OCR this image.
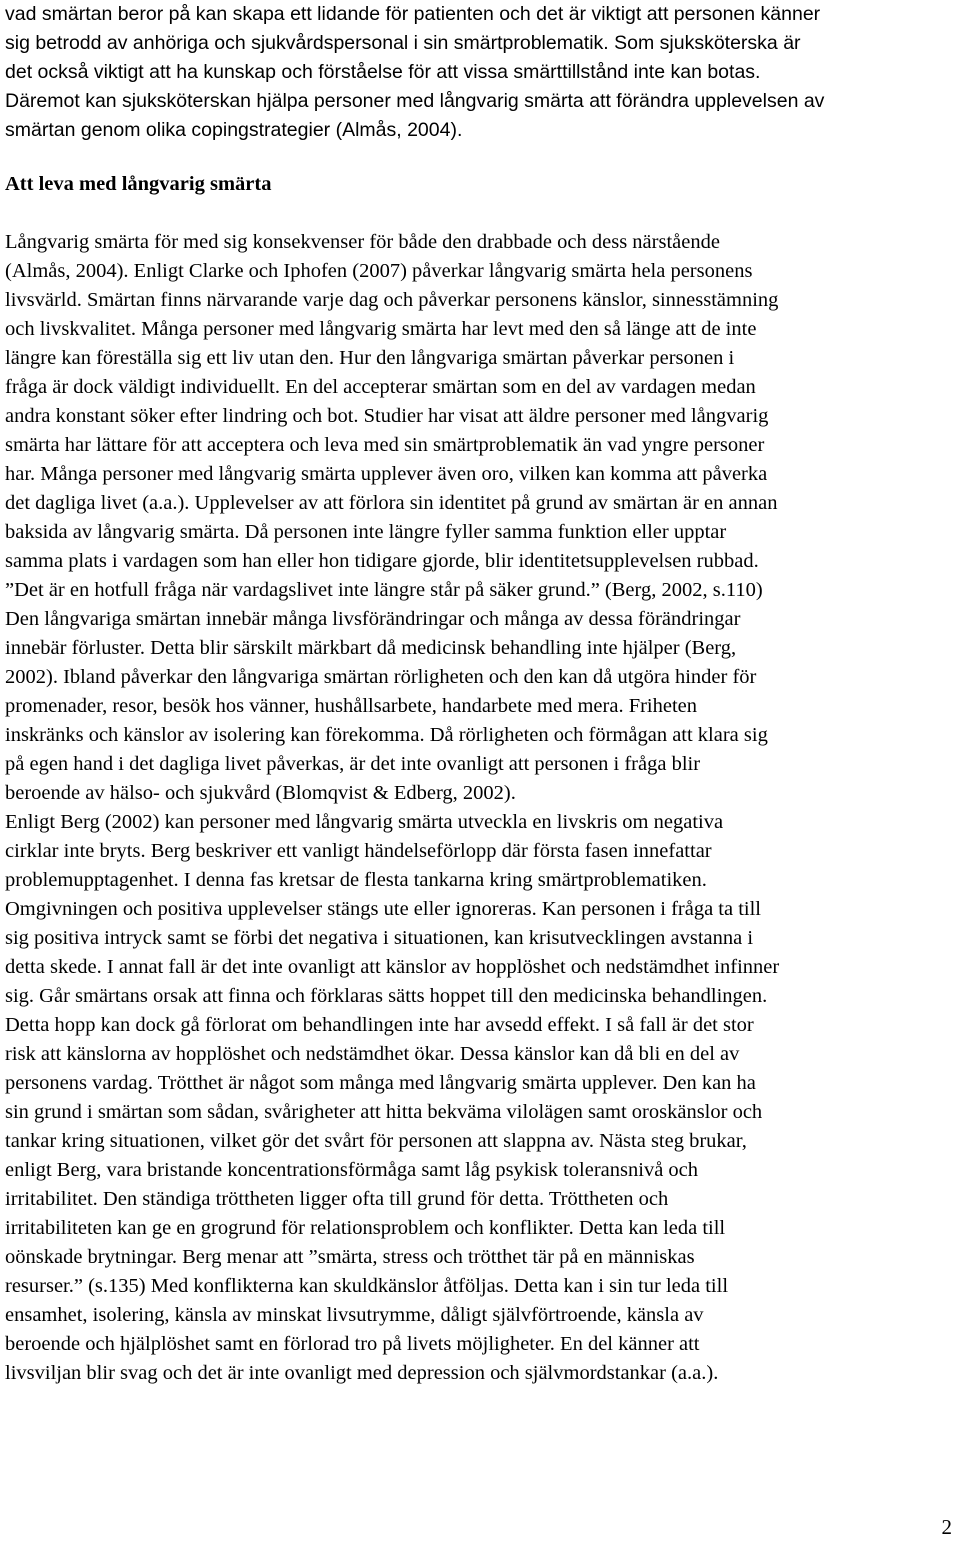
vad smärtan beror på kan skapa ett lidande för patienten och det är viktigt att personen känner
sig betrodd av anhöriga och sjukvårdspersonal i sin smärtproblematik. Som sjuksköterska är
det också viktigt att ha kunskap och förståelse för att vissa smärttillstånd inte kan botas.
Däremot kan sjuksköterskan hjälpa personer med långvarig smärta att förändra upplevelsen av
smärtan genom olika copingstrategier (Almås, 2004).
Att leva med långvarig smärta
Långvarig smärta för med sig konsekvenser för både den drabbade och dess närstående
(Almås, 2004). Enligt Clarke och Iphofen (2007) påverkar långvarig smärta hela personens
livsvärld. Smärtan finns närvarande varje dag och påverkar personens känslor, sinnesstämning
och livskvalitet. Många personer med långvarig smärta har levt med den så länge att de inte
längre kan föreställa sig ett liv utan den. Hur den långvariga smärtan påverkar personen i
fråga är dock väldigt individuellt. En del accepterar smärtan som en del av vardagen medan
andra konstant söker efter lindring och bot. Studier har visat att äldre personer med långvarig
smärta har lättare för att acceptera och leva med sin smärtproblematik än vad yngre personer
har. Många personer med långvarig smärta upplever även oro, vilken kan komma att påverka
det dagliga livet (a.a.). Upplevelser av att förlora sin identitet på grund av smärtan är en annan
baksida av långvarig smärta. Då personen inte längre fyller samma funktion eller upptar
samma plats i vardagen som han eller hon tidigare gjorde, blir identitetsupplevelsen rubbad.
”Det är en hotfull fråga när vardagslivet inte längre står på säker grund.” (Berg, 2002, s.110)
Den långvariga smärtan innebär många livsförändringar och många av dessa förändringar
innebär förluster. Detta blir särskilt märkbart då medicinsk behandling inte hjälper (Berg,
2002). Ibland påverkar den långvariga smärtan rörligheten och den kan då utgöra hinder för
promenader, resor, besök hos vänner, hushållsarbete, handarbete med mera. Friheten
inskränks och känslor av isolering kan förekomma. Då rörligheten och förmågan att klara sig
på egen hand i det dagliga livet påverkas, är det inte ovanligt att personen i fråga blir
beroende av hälso- och sjukvård (Blomqvist & Edberg, 2002).
Enligt Berg (2002) kan personer med långvarig smärta utveckla en livskris om negativa
cirklar inte bryts. Berg beskriver ett vanligt händelseförlopp där första fasen innefattar
problemupptagenhet. I denna fas kretsar de flesta tankarna kring smärtproblematiken.
Omgivningen och positiva upplevelser stängs ute eller ignoreras. Kan personen i fråga ta till
sig positiva intryck samt se förbi det negativa i situationen, kan krisutvecklingen avstanna i
detta skede. I annat fall är det inte ovanligt att känslor av hopplöshet och nedstämdhet infinner
sig. Går smärtans orsak att finna och förklaras sätts hoppet till den medicinska behandlingen.
Detta hopp kan dock gå förlorat om behandlingen inte har avsedd effekt. I så fall är det stor
risk att känslorna av hopplöshet och nedstämdhet ökar. Dessa känslor kan då bli en del av
personens vardag. Trötthet är något som många med långvarig smärta upplever. Den kan ha
sin grund i smärtan som sådan, svårigheter att hitta bekväma vilolägen samt oroskänslor och
tankar kring situationen, vilket gör det svårt för personen att slappna av. Nästa steg brukar,
enligt Berg, vara bristande koncentrationsförmåga samt låg psykisk toleransnivå och
irritabilitet. Den ständiga tröttheten ligger ofta till grund för detta. Tröttheten och
irritabiliteten kan ge en grogrund för relationsproblem och konflikter. Detta kan leda till
oönskade brytningar. Berg menar att ”smärta, stress och trötthet tär på en människas
resurser.” (s.135) Med konflikterna kan skuldkänslor åtföljas. Detta kan i sin tur leda till
ensamhet, isolering, känsla av minskat livsutrymme, dåligt självförtroende, känsla av
beroende och hjälplöshet samt en förlorad tro på livets möjligheter. En del känner att
livsviljan blir svag och det är inte ovanligt med depression och självmordstankar (a.a.).
2
